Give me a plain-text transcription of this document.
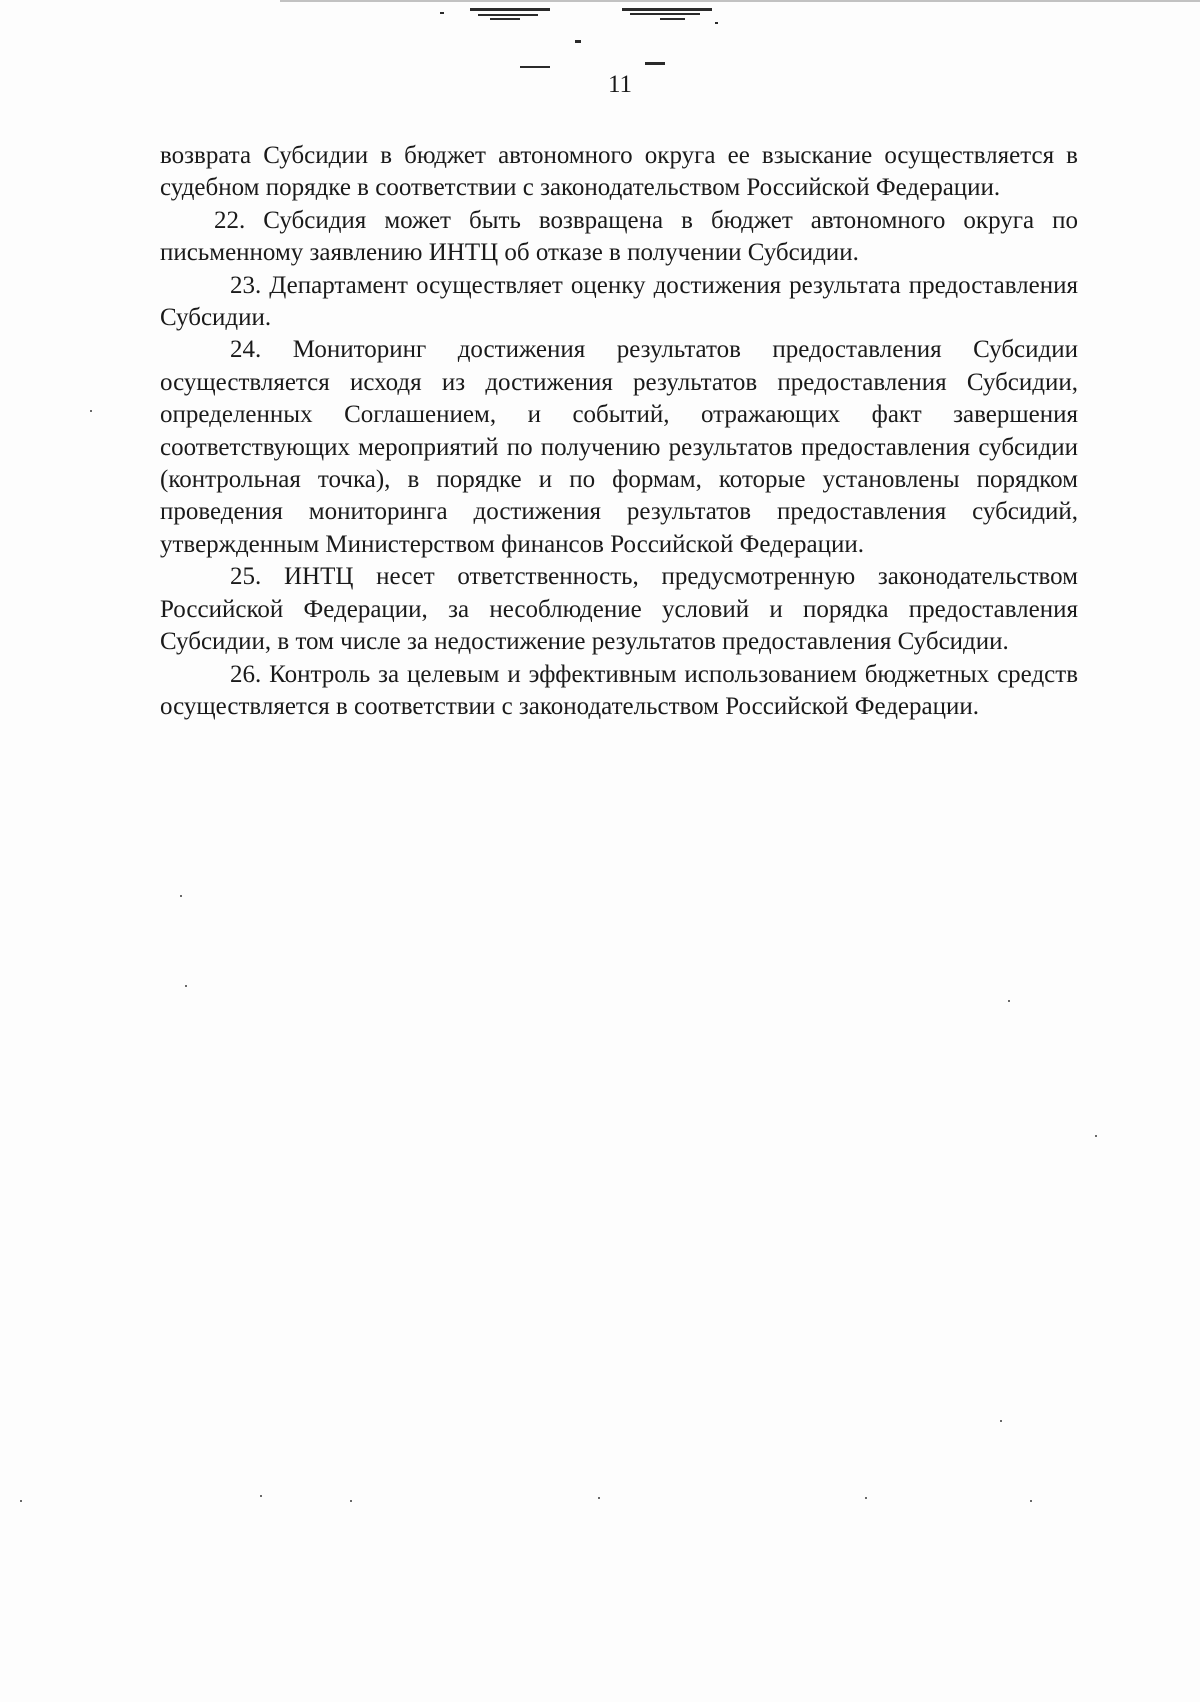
11

возврата Субсидии в бюджет автономного округа ее взыскание осуществляется в судебном порядке в соответствии с законодательством Российской Федерации.

22. Субсидия может быть возвращена в бюджет автономного округа по письменному заявлению ИНТЦ об отказе в получении Субсидии.

23. Департамент осуществляет оценку достижения результата предоставления Субсидии.

24. Мониторинг достижения результатов предоставления Субсидии осуществляется исходя из достижения результатов предоставления Субсидии, определенных Соглашением, и событий, отражающих факт завершения соответствующих мероприятий по получению результатов предоставления субсидии (контрольная точка), в порядке и по формам, которые установлены порядком проведения мониторинга достижения результатов предоставления субсидий, утвержденным Министерством финансов Российской Федерации.

25. ИНТЦ несет ответственность, предусмотренную законодательством Российской Федерации, за несоблюдение условий и порядка предоставления Субсидии, в том числе за недостижение результатов предоставления Субсидии.

26. Контроль за целевым и эффективным использованием бюджетных средств осуществляется в соответствии с законодательством Российской Федерации.
